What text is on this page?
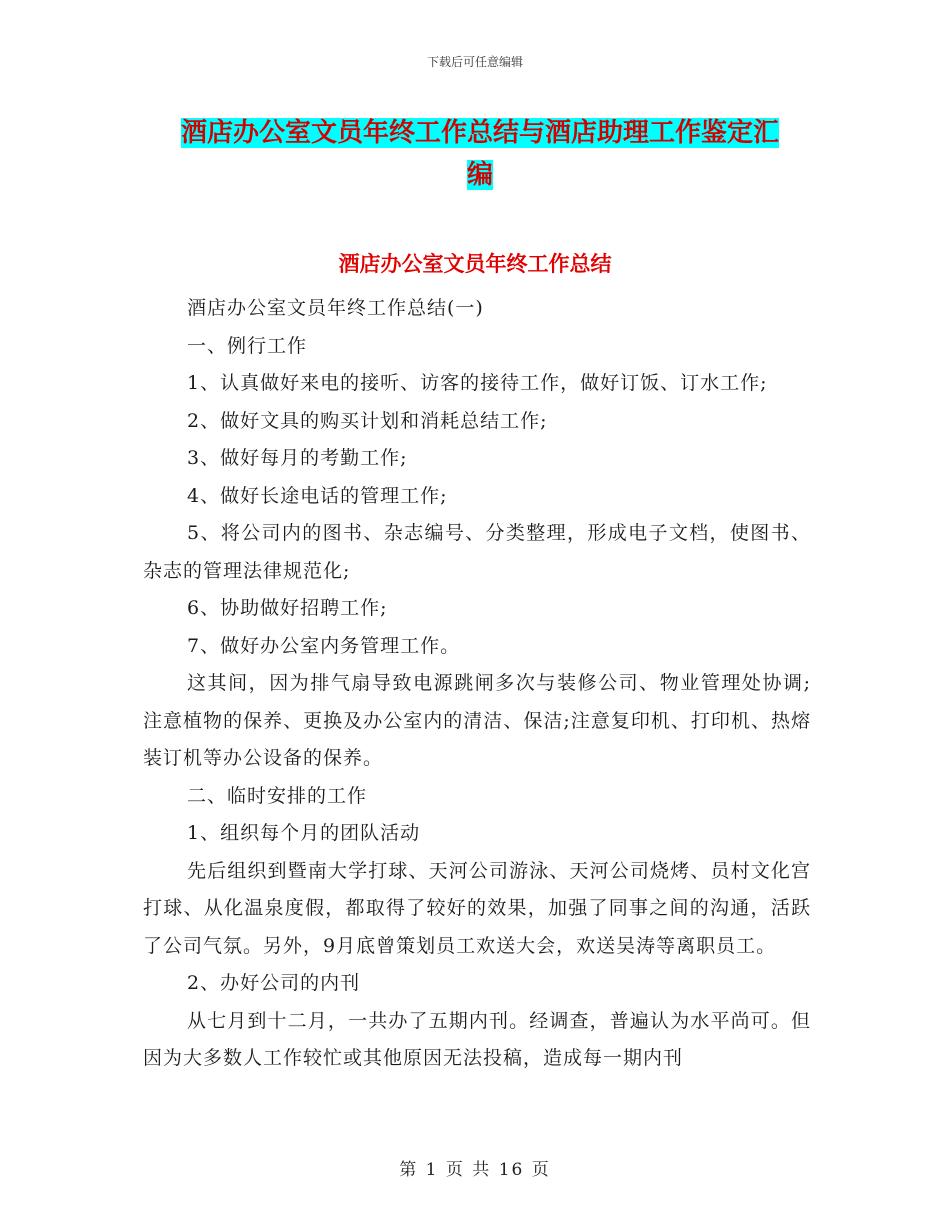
下载后可任意编辑
酒店办公室文员年终工作总结与酒店助理工作鉴定汇
编
酒店办公室文员年终工作总结

酒店办公室文员年终工作总结(一)

一、例行工作

1、认真做好来电的接听、访客的接待工作，做好订饭、订水工作;

2、做好文具的购买计划和消耗总结工作;

3、做好每月的考勤工作;

4、做好长途电话的管理工作;

5、将公司内的图书、杂志编号、分类整理，形成电子文档，使图书、杂志的管理法律规范化;

6、协助做好招聘工作;

7、做好办公室内务管理工作。

这其间，因为排气扇导致电源跳闸多次与装修公司、物业管理处协调;注意植物的保养、更换及办公室内的清洁、保洁;注意复印机、打印机、热熔装订机等办公设备的保养。

二、临时安排的工作

1、组织每个月的团队活动

先后组织到暨南大学打球、天河公司游泳、天河公司烧烤、员村文化宫打球、从化温泉度假，都取得了较好的效果，加强了同事之间的沟通，活跃了公司气氛。另外，9月底曾策划员工欢送大会，欢送吴涛等离职员工。

2、办好公司的内刊

从七月到十二月，一共办了五期内刊。经调查，普遍认为水平尚可。但因为大多数人工作较忙或其他原因无法投稿，造成每一期内刊

第 1 页 共 16 页
